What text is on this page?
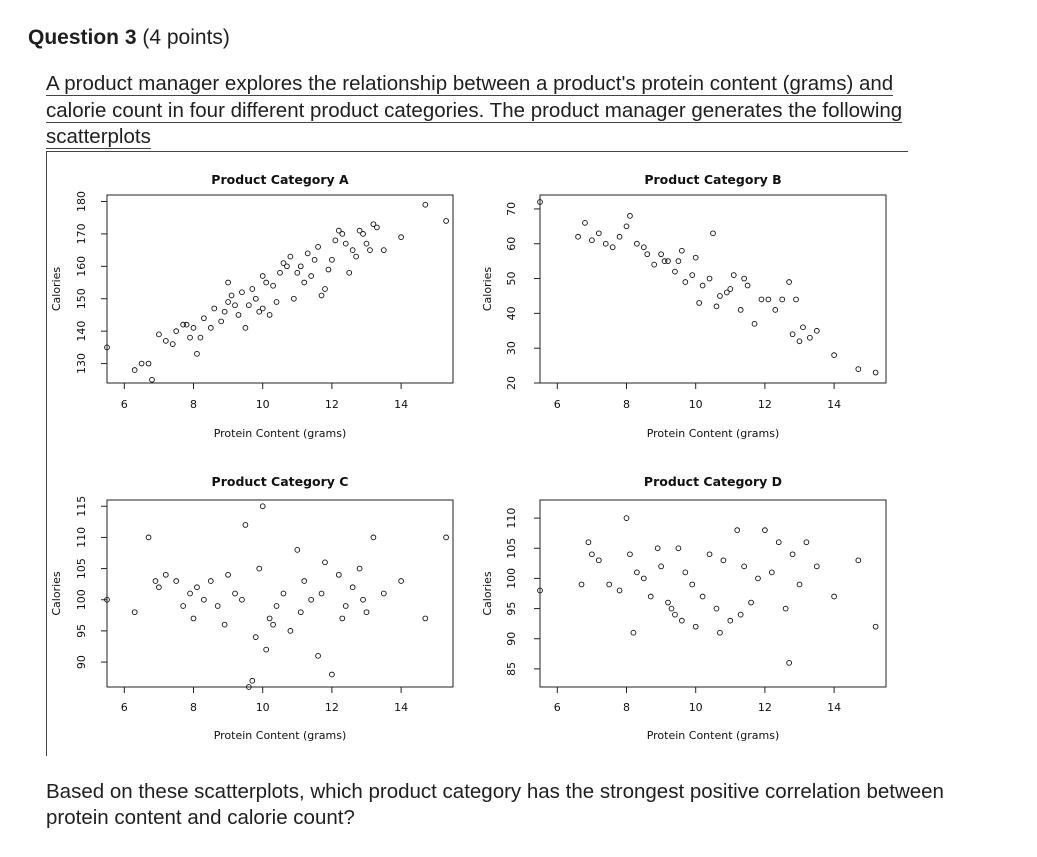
Question 3 (4 points)
A product manager explores the relationship between a product's protein content (grams) and calorie count in four different product categories. The product manager generates the following scatterplots
Product Category A
6	8	10	12	14
Protein Content (grams)
130
140
150
160
170
180
Calories
Product Category B
6	8	10	12	14
Protein Content (grams)
20
30
40
50
60
70
Calories
Product Category C
6	8	10	12	14
Protein Content (grams)
90
95
100
105
110
115
Calories
Product Category D
6	8	10	12	14
Protein Content (grams)
85
90
95
100
105
110
Calories
Based on these scatterplots, which product category has the strongest positive correlation between protein content and calorie count?
